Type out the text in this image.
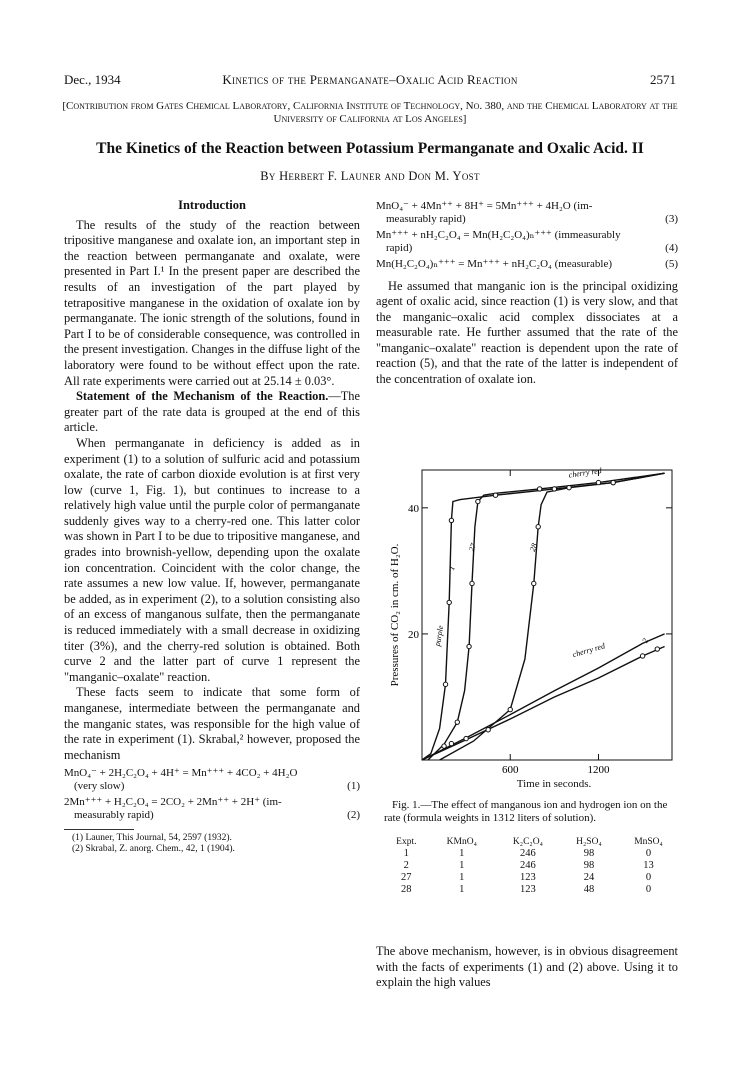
Dec., 1934	Kinetics of the Permanganate–Oxalic Acid Reaction	2571
[Contribution from Gates Chemical Laboratory, California Institute of Technology, No. 380, and the Chemical Laboratory at the University of California at Los Angeles]
The Kinetics of the Reaction between Potassium Permanganate and Oxalic Acid. II
By Herbert F. Launer and Don M. Yost
Introduction

The results of the study of the reaction between tripositive manganese and oxalate ion, an important step in the reaction between permanganate and oxalate, were presented in Part I.¹ In the present paper are described the results of an investigation of the part played by tetrapositive manganese in the oxidation of oxalate ion by permanganate. The ionic strength of the solutions, found in Part I to be of considerable consequence, was controlled in the present investigation. Changes in the diffuse light of the laboratory were found to be without effect upon the rate. All rate experiments were carried out at 25.14 ± 0.03°.

Statement of the Mechanism of the Reaction.—The greater part of the rate data is grouped at the end of this article.

When permanganate in deficiency is added as in experiment (1) to a solution of sulfuric acid and potassium oxalate, the rate of carbon dioxide evolution is at first very low (curve 1, Fig. 1), but continues to increase to a relatively high value until the purple color of permanganate suddenly gives way to a cherry-red one. This latter color was shown in Part I to be due to tripositive manganese, and grades into brownish-yellow, depending upon the oxalate ion concentration. Coincident with the color change, the rate assumes a new low value. If, however, permanganate be added, as in experiment (2), to a solution consisting also of an excess of manganous sulfate, then the permanganate is reduced immediately with a small decrease in oxidizing titer (3%), and the cherry-red solution is obtained. Both curve 2 and the latter part of curve 1 represent the "manganic–oxalate" reaction.

These facts seem to indicate that some form of manganese, intermediate between the permanganate and the manganic states, was responsible for the high value of the rate in experiment (1). Skrabal,² however, proposed the mechanism

MnO₄⁻ + 2H₂C₂O₄ + 4H⁺ = Mn⁺⁺⁺ + 4CO₂ + 4H₂O
(very slow)	(1)
2Mn⁺⁺⁺ + H₂C₂O₄ = 2CO₂ + 2Mn⁺⁺ + 2H⁺ (im-
measurably rapid)	(2)
(1) Launer, This Journal, 54, 2597 (1932).
(2) Skrabal, Z. anorg. Chem., 42, 1 (1904).
MnO₄⁻ + 4Mn⁺⁺ + 8H⁺ = 5Mn⁺⁺⁺ + 4H₂O (im-
measurably rapid)	(3)
Mn⁺⁺⁺ + nH₂C₂O₄ = Mn(H₂C₂O₄)ₙ⁺⁺⁺ (immeasurably
rapid)	(4)
Mn(H₂C₂O₄)ₙ⁺⁺⁺ = Mn⁺⁺⁺ + nH₂C₂O₄ (measurable)	(5)

He assumed that manganic ion is the principal oxidizing agent of oxalic acid, since reaction (1) is very slow, and that the manganic–oxalic acid complex dissociates at a measurable rate. He further assumed that the rate of the "manganic–oxalate" reaction is dependent upon the rate of reaction (5), and that the rate of the latter is independent of the concentration of oxalate ion.

600	1200
20
40
Pressures of CO₂ in cm. of H₂O.	1
27	28
2
cherry red
purple
cherry red
Time in seconds.
Fig. 1.—The effect of manganous ion and hydrogen ion on the rate (formula weights in 1312 liters of solution).
Expt.	KMnO₄	K₂C₂O₄	H₂SO₄	MnSO₄
1	1	246	98	0
2	1	246	98	13
27	1	123	24	0
28	1	123	48	0
The above mechanism, however, is in obvious disagreement with the facts of experiments (1) and (2) above. Using it to explain the high values
